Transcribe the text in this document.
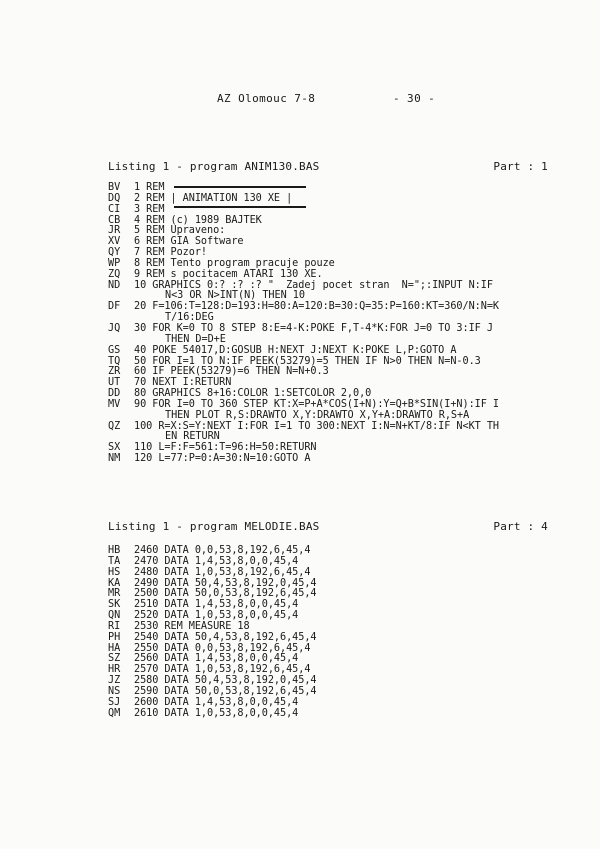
AZ Olomouc 7-8	- 30 -
Listing 1 - program ANIM130.BAS	Part : 1
BV 1 REM
DQ 2 REM | ANIMATION 130 XE |
CI 3 REM
CB 4 REM (c) 1989 BAJTEK
JR 5 REM Upraveno:
XV 6 REM GIA Software
QY 7 REM Pozor!
WP 8 REM Tento program pracuje pouze
ZQ 9 REM s pocitacem ATARI 130 XE.
ND 10 GRAPHICS 0:? :? :? "  Zadej pocet stran  N=";:INPUT N:IF
N<3 OR N>INT(N) THEN 10
DF 20 F=106:T=128:D=193:H=80:A=120:B=30:Q=35:P=160:KT=360/N:N=K
T/16:DEG
JQ 30 FOR K=0 TO 8 STEP 8:E=4-K:POKE F,T-4*K:FOR J=0 TO 3:IF J
THEN D=D+E
GS 40 POKE 54017,D:GOSUB H:NEXT J:NEXT K:POKE L,P:GOTO A
TQ 50 FOR I=1 TO N:IF PEEK(53279)=5 THEN IF N>0 THEN N=N-0.3
ZR 60 IF PEEK(53279)=6 THEN N=N+0.3
UT 70 NEXT I:RETURN
DD 80 GRAPHICS 8+16:COLOR 1:SETCOLOR 2,0,0
MV 90 FOR I=0 TO 360 STEP KT:X=P+A*COS(I+N):Y=Q+B*SIN(I+N):IF I
THEN PLOT R,S:DRAWTO X,Y:DRAWTO X,Y+A:DRAWTO R,S+A
QZ 100 R=X:S=Y:NEXT I:FOR I=1 TO 300:NEXT I:N=N+KT/8:IF N<KT TH
EN RETURN
SX 110 L=F:F=561:T=96:H=50:RETURN
NM 120 L=77:P=0:A=30:N=10:GOTO A
Listing 1 - program MELODIE.BAS	Part : 4
HB 2460 DATA 0,0,53,8,192,6,45,4
TA 2470 DATA 1,4,53,8,0,0,45,4
HS 2480 DATA 1,0,53,8,192,6,45,4
KA 2490 DATA 50,4,53,8,192,0,45,4
MR 2500 DATA 50,0,53,8,192,6,45,4
SK 2510 DATA 1,4,53,8,0,0,45,4
QN 2520 DATA 1,0,53,8,0,0,45,4
RI 2530 REM MEASURE 18
PH 2540 DATA 50,4,53,8,192,6,45,4
HA 2550 DATA 0,0,53,8,192,6,45,4
SZ 2560 DATA 1,4,53,8,0,0,45,4
HR 2570 DATA 1,0,53,8,192,6,45,4
JZ 2580 DATA 50,4,53,8,192,0,45,4
NS 2590 DATA 50,0,53,8,192,6,45,4
SJ 2600 DATA 1,4,53,8,0,0,45,4
QM 2610 DATA 1,0,53,8,0,0,45,4
